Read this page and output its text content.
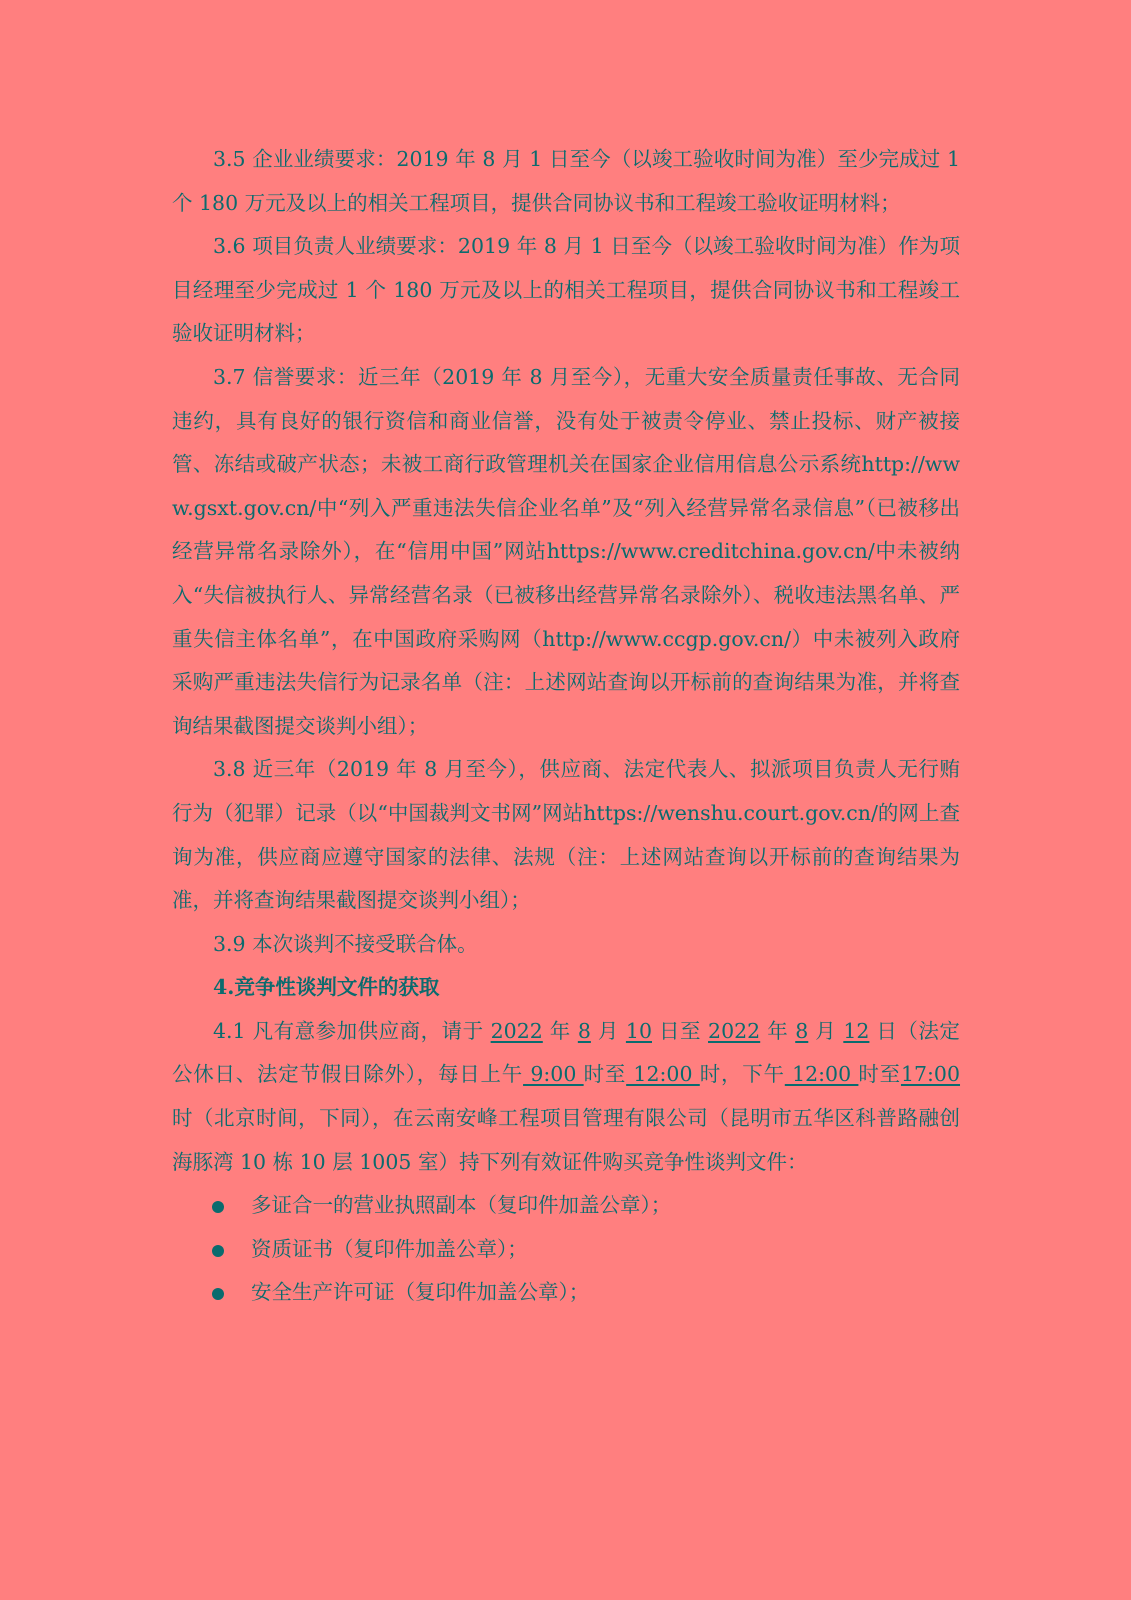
3.5 企业业绩要求：2019 年 8 月 1 日至今（以竣工验收时间为准）至少完成过 1 个 180 万元及以上的相关工程项目，提供合同协议书和工程竣工验收证明材料；

3.6 项目负责人业绩要求：2019 年 8 月 1 日至今（以竣工验收时间为准）作为项目经理至少完成过 1 个 180 万元及以上的相关工程项目，提供合同协议书和工程竣工验收证明材料；

3.7 信誉要求：近三年（2019 年 8 月至今），无重大安全质量责任事故、无合同违约，具有良好的银行资信和商业信誉，没有处于被责令停业、禁止投标、财产被接管、冻结或破产状态；未被工商行政管理机关在国家企业信用信息公示系统http://www.gsxt.gov.cn/中“列入严重违法失信企业名单”及“列入经营异常名录信息”（已被移出经营异常名录除外），在“信用中国”网站https://www.creditchina.gov.cn/中未被纳入“失信被执行人、异常经营名录（已被移出经营异常名录除外）、税收违法黑名单、严重失信主体名单”，在中国政府采购网（http://www.ccgp.gov.cn/）中未被列入政府采购严重违法失信行为记录名单（注：上述网站查询以开标前的查询结果为准，并将查询结果截图提交谈判小组）；

3.8 近三年（2019 年 8 月至今），供应商、法定代表人、拟派项目负责人无行贿行为（犯罪）记录（以“中国裁判文书网”网站https://wenshu.court.gov.cn/的网上查询为准，供应商应遵守国家的法律、法规（注：上述网站查询以开标前的查询结果为准，并将查询结果截图提交谈判小组）；

3.9 本次谈判不接受联合体。

4.竞争性谈判文件的获取

4.1 凡有意参加供应商，请于 2022 年 8 月 10 日至 2022 年 8 月 12 日（法定公休日、法定节假日除外），每日上午 9:00 时至 12:00 时，下午 12:00 时至17:00 时（北京时间，下同），在云南安峰工程项目管理有限公司（昆明市五华区科普路融创海豚湾 10 栋 10 层 1005 室）持下列有效证件购买竞争性谈判文件：

多证合一的营业执照副本（复印件加盖公章）；
资质证书（复印件加盖公章）；
安全生产许可证（复印件加盖公章）；
